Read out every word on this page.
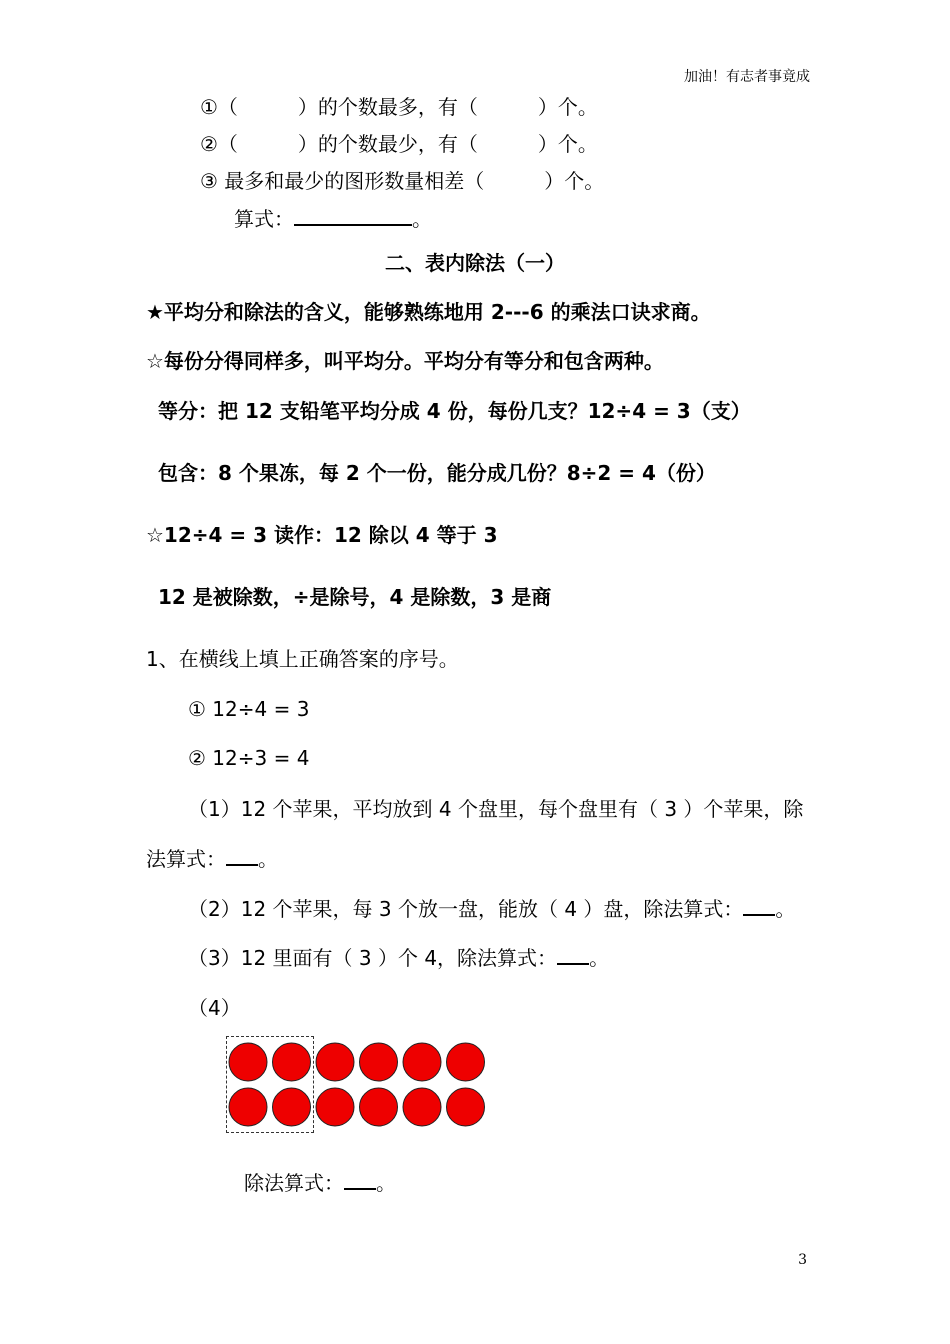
加油！有志者事竟成
①（　　　）的个数最多，有（　　　）个。
②（　　　）的个数最少，有（　　　）个。
③ 最多和最少的图形数量相差（　　　）个。
算式：	。
二、表内除法（一）
★平均分和除法的含义，能够熟练地用 2---6 的乘法口诀求商。
☆每份分得同样多，叫平均分。平均分有等分和包含两种。
等分：把 12 支铅笔平均分成 4 份，每份几支？12÷4 = 3（支）
包含：8 个果冻，每 2 个一份，能分成几份？8÷2 = 4（份）
☆12÷4 = 3 读作：12 除以 4 等于 3
12 是被除数，÷是除号，4 是除数，3 是商
1、在横线上填上正确答案的序号。
① 12÷4 = 3
② 12÷3 = 4
（1）12 个苹果，平均放到 4 个盘里，每个盘里有（ 3 ）个苹果，除
法算式： 。
（2）12 个苹果，每 3 个放一盘，能放（ 4 ）盘，除法算式： 。
（3）12 里面有（ 3 ）个 4，除法算式： 。
（4）
除法算式： 。
3
